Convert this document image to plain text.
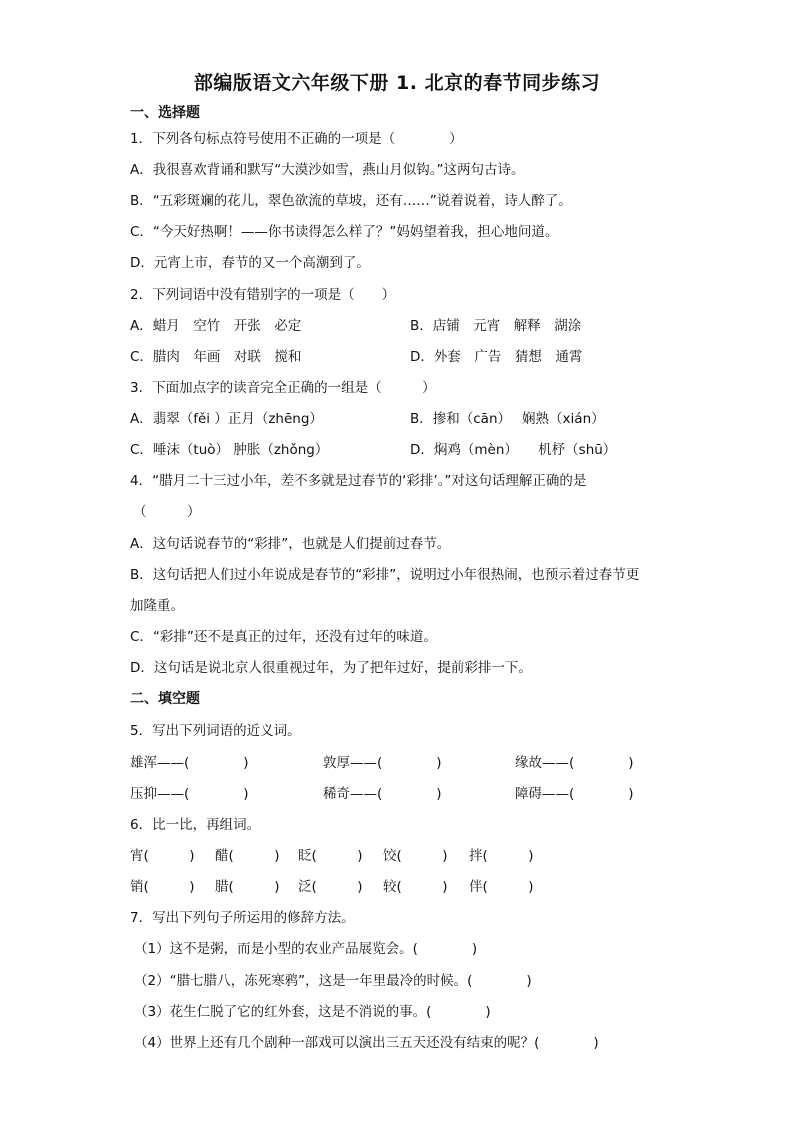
部编版语文六年级下册 1. 北京的春节同步练习
一、选择题
1．下列各句标点符号使用不正确的一项是（　　　　）
A．我很喜欢背诵和默写“大漠沙如雪，燕山月似钩。”这两句古诗。
B．“五彩斑斓的花儿，翠色欲流的草坡，还有……”说着说着，诗人醉了。
C．“今天好热啊！——你书读得怎么样了？”妈妈望着我，担心地问道。
D．元宵上市，春节的又一个高潮到了。
2．下列词语中没有错别字的一项是（　　）
A．蜡月　空竹　开张　必定	B．店铺　元宵　解释　湖涂
C．腊肉　年画　对联　搅和	D．外套　广告　猜想　通霄
3．下面加点字的读音完全正确的一组是（　　　）
A．翡翠（fěi ）正月（zhēng）	B．掺和（cān）　 娴熟（xián）
C．唾沫（tuò） 肿胀（zhǒng）	D．焖鸡（mèn）　　机杼（shū）
4．“腊月二十三过小年，差不多就是过春节的‘彩排’。”对这句话理解正确的是
（　　　）
A．这句话说春节的“彩排”，也就是人们提前过春节。
B．这句话把人们过小年说成是春节的“彩排”，说明过小年很热闹，也预示着过春节更
加隆重。
C．“彩排”还不是真正的过年，还没有过年的味道。
D．这句话是说北京人很重视过年，为了把年过好，提前彩排一下。
二、填空题
5．写出下列词语的近义词。
雄浑——(　　　　)	敦厚——(　　　　)	缘故——(　　　　)
压抑——(　　　　)	稀奇——(　　　　)	障碍——(　　　　)
6．比一比，再组词。
宵(　　　) 醋(　　　) 眨(　　　) 饺(　　　) 拌(　　　)
销(　　　) 腊(　　　) 泛(　　　) 较(　　　) 伴(　　　)
7．写出下列句子所运用的修辞方法。
（1）这不是粥，而是小型的农业产品展览会。(　　　　)
（2）“腊七腊八，冻死寒鸦”，这是一年里最冷的时候。(　　　　)
（3）花生仁脱了它的红外套，这是不消说的事。(　　　　)
（4）世界上还有几个剧种一部戏可以演出三五天还没有结束的呢？(　　　　)
